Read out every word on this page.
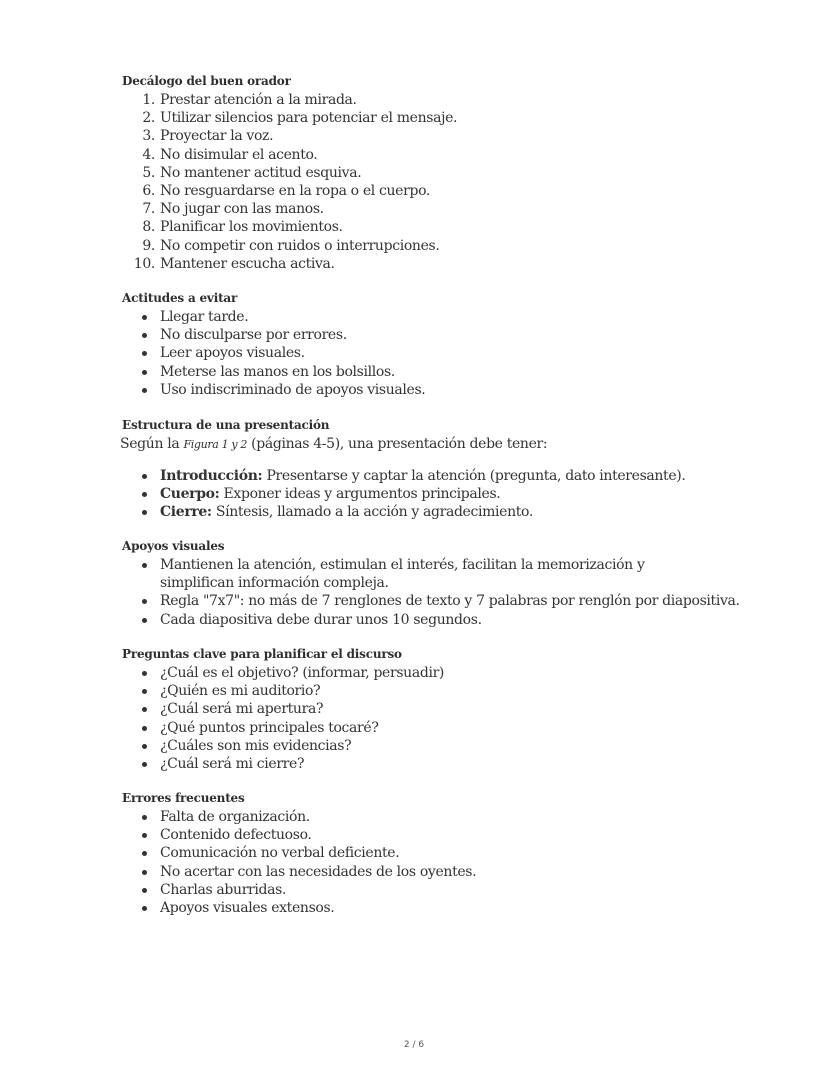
Decálogo del buen orador
1. Prestar atención a la mirada.
2. Utilizar silencios para potenciar el mensaje.
3. Proyectar la voz.
4. No disimular el acento.
5. No mantener actitud esquiva.
6. No resguardarse en la ropa o el cuerpo.
7. No jugar con las manos.
8. Planificar los movimientos.
9. No competir con ruidos o interrupciones.
10. Mantener escucha activa.
Actitudes a evitar
Llegar tarde.
No disculparse por errores.
Leer apoyos visuales.
Meterse las manos en los bolsillos.
Uso indiscriminado de apoyos visuales.
Estructura de una presentación

Según la Figura 1 y 2 (páginas 4-5), una presentación debe tener:

Introducción: Presentarse y captar la atención (pregunta, dato interesante).
Cuerpo: Exponer ideas y argumentos principales.
Cierre: Síntesis, llamado a la acción y agradecimiento.
Apoyos visuales
Mantienen la atención, estimulan el interés, facilitan la memorización y simplifican información compleja.
Regla "7x7": no más de 7 renglones de texto y 7 palabras por renglón por diapositiva.
Cada diapositiva debe durar unos 10 segundos.
Preguntas clave para planificar el discurso
¿Cuál es el objetivo? (informar, persuadir)
¿Quién es mi auditorio?
¿Cuál será mi apertura?
¿Qué puntos principales tocaré?
¿Cuáles son mis evidencias?
¿Cuál será mi cierre?
Errores frecuentes
Falta de organización.
Contenido defectuoso.
Comunicación no verbal deficiente.
No acertar con las necesidades de los oyentes.
Charlas aburridas.
Apoyos visuales extensos.
2 / 6
